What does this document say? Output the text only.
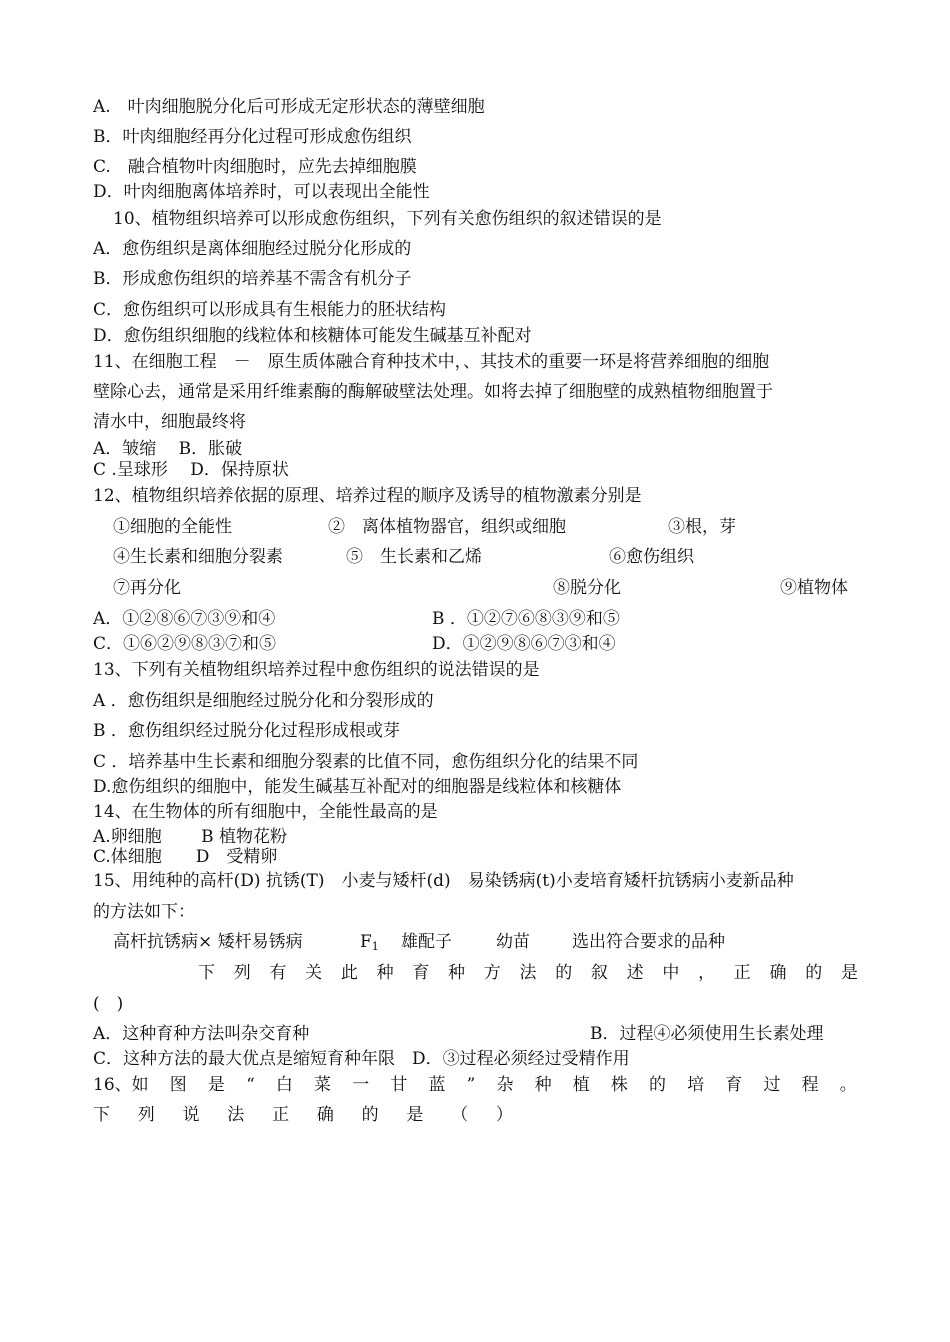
A.　叶肉细胞脱分化后可形成无定形状态的薄壁细胞
B．叶肉细胞经再分化过程可形成愈伤组织
C.　融合植物叶肉细胞时，应先去掉细胞膜
D．叶肉细胞离体培养时，可以表现出全能性
10、植物组织培养可以形成愈伤组织，下列有关愈伤组织的叙述错误的是
A．愈伤组织是离体细胞经过脱分化形成的
B．形成愈伤组织的培养基不需含有机分子
C．愈伤组织可以形成具有生根能力的胚状结构
D．愈伤组织细胞的线粒体和核糖体可能发生碱基互补配对
11、在细胞工程　－　原生质体融合育种技术中，、其技术的重要一环是将营养细胞的细胞
壁除心去，通常是采用纤维素酶的酶解破壁法处理。如将去掉了细胞壁的成熟植物细胞置于
清水中，细胞最终将
A．皱缩　 B．胀破
C .呈球形　 D．保持原状
12、植物组织培养依据的原理、培养过程的顺序及诱导的植物激素分别是
①细胞的全能性	②　离体植物器官，组织或细胞	③根，芽
④生长素和细胞分裂素	⑤　生长素和乙烯	⑥愈伤组织
⑦再分化	⑧脱分化	⑨植物体
A．①②⑧⑥⑦③⑨和④	B ．①②⑦⑥⑧③⑨和⑤
C．①⑥②⑨⑧③⑦和⑤	D．①②⑨⑧⑥⑦③和④
13、下列有关植物组织培养过程中愈伤组织的说法错误的是
A ．愈伤组织是细胞经过脱分化和分裂形成的
B ．愈伤组织经过脱分化过程形成根或芽
C ．培养基中生长素和细胞分裂素的比值不同，愈伤组织分化的结果不同
D.愈伤组织的细胞中，能发生碱基互补配对的细胞器是线粒体和核糖体
14、在生物体的所有细胞中，全能性最高的是
A.卵细胞　　 B 植物花粉
C.体细胞　　D　受精卵
15、用纯种的高杆(D) 抗锈(T)　小麦与矮杆(d)　易染锈病(t)小麦培育矮杆抗锈病小麦新品种
的方法如下：
高杆抗锈病× 矮杆易锈病	$F_1$ 雄配子	幼苗 选出符合要求的品种
下 列 有 关 此 种 育 种 方 法 的 叙 述 中 ， 正 确 的 是
(　)
A．这种育种方法叫杂交育种	B．过程④必须使用生长素处理
C．这种方法的最大优点是缩短育种年限　D．③过程必须经过受精作用
16、如 图 是 “ 白 菜 一 甘 蓝 ” 杂 种 植 株 的 培 育 过 程 。
下 列 说 法 正 确 的 是 （ ）
